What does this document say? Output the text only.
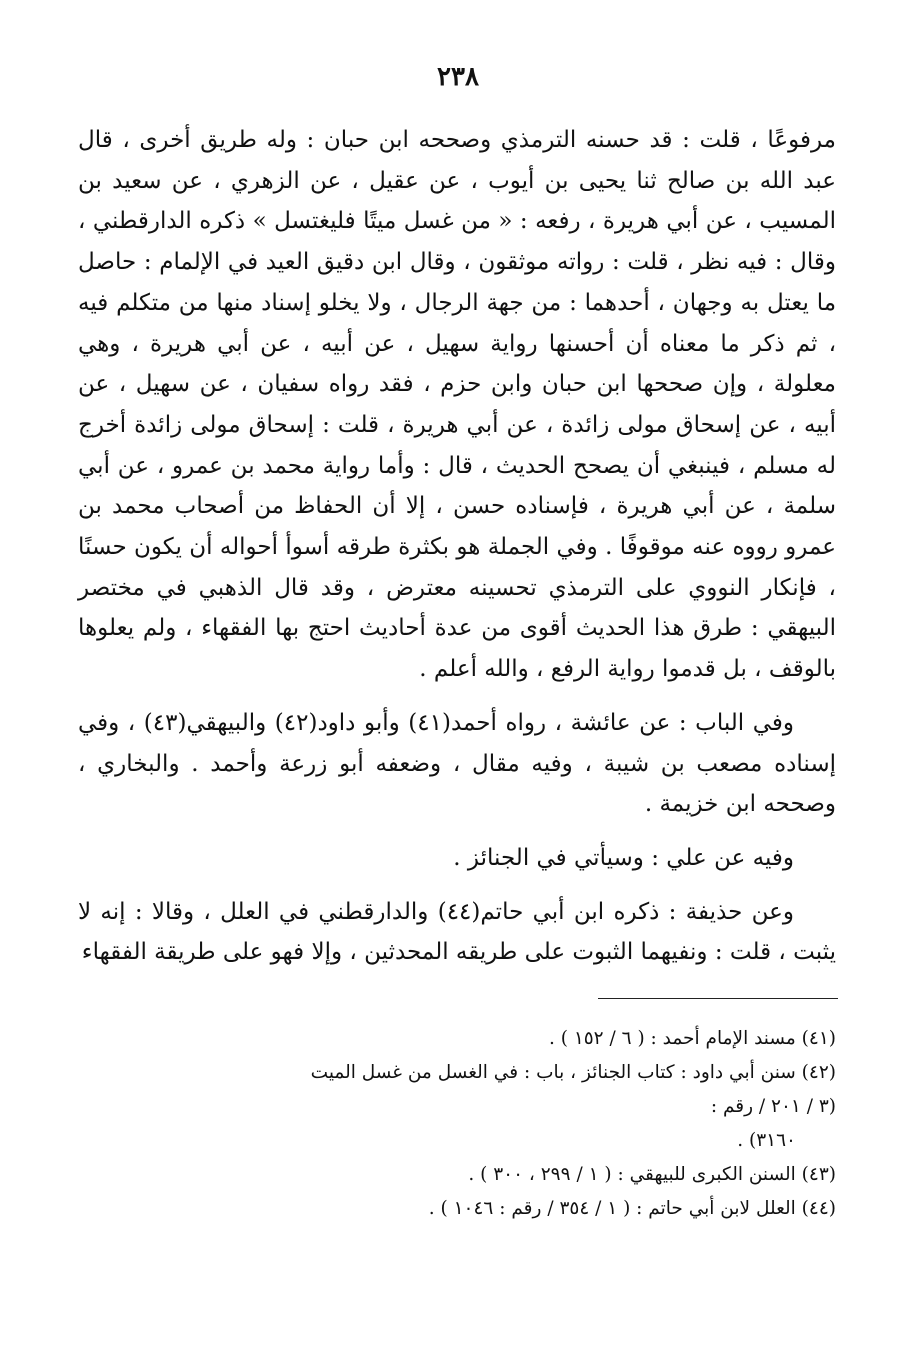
٢٣٨
مرفوعًا ، قلت : قد حسنه الترمذي وصححه ابن حبان : وله طريق أخرى ، قال عبد الله بن صالح ثنا يحيى بن أيوب ، عن عقيل ، عن الزهري ، عن سعيد بن المسيب ، عن أبي هريرة ، رفعه : « من غسل ميتًا فليغتسل » ذكره الدارقطني ، وقال : فيه نظر ، قلت : رواته موثقون ، وقال ابن دقيق العيد في الإلمام : حاصل ما يعتل به وجهان ، أحدهما : من جهة الرجال ، ولا يخلو إسناد منها من متكلم فيه ، ثم ذكر ما معناه أن أحسنها رواية سهيل ، عن أبيه ، عن أبي هريرة ، وهي معلولة ، وإن صححها ابن حبان وابن حزم ، فقد رواه سفيان ، عن سهيل ، عن أبيه ، عن إسحاق مولى زائدة ، عن أبي هريرة ، قلت : إسحاق مولى زائدة أخرج له مسلم ، فينبغي أن يصحح الحديث ، قال : وأما رواية محمد بن عمرو ، عن أبي سلمة ، عن أبي هريرة ، فإسناده حسن ، إلا أن الحفاظ من أصحاب محمد بن عمرو رووه عنه موقوفًا . وفي الجملة هو بكثرة طرقه أسوأ أحواله أن يكون حسنًا ، فإنكار النووي على الترمذي تحسينه معترض ، وقد قال الذهبي في مختصر البيهقي : طرق هذا الحديث أقوى من عدة أحاديث احتج بها الفقهاء ، ولم يعلوها بالوقف ، بل قدموا رواية الرفع ، والله أعلم .
وفي الباب : عن عائشة ، رواه أحمد(٤١) وأبو داود(٤٢) والبيهقي(٤٣) ، وفي إسناده مصعب بن شيبة ، وفيه مقال ، وضعفه أبو زرعة وأحمد . والبخاري ، وصححه ابن خزيمة .
وفيه عن علي : وسيأتي في الجنائز .
وعن حذيفة : ذكره ابن أبي حاتم(٤٤) والدارقطني في العلل ، وقالا : إنه لا يثبت ، قلت : ونفيهما الثبوت على طريقه المحدثين ، وإلا فهو على طريقة الفقهاء
(٤١) مسند الإمام أحمد : ( ٦ / ١٥٢ ) .
(٤٢) سنن أبي داود : كتاب الجنائز ، باب : في الغسل من غسل الميت (٣ / ٢٠١ / رقم :
٣١٦٠) .
(٤٣) السنن الكبرى للبيهقي : ( ١ / ٢٩٩ ، ٣٠٠ ) .
(٤٤) العلل لابن أبي حاتم : ( ١ / ٣٥٤ / رقم : ١٠٤٦ ) .
